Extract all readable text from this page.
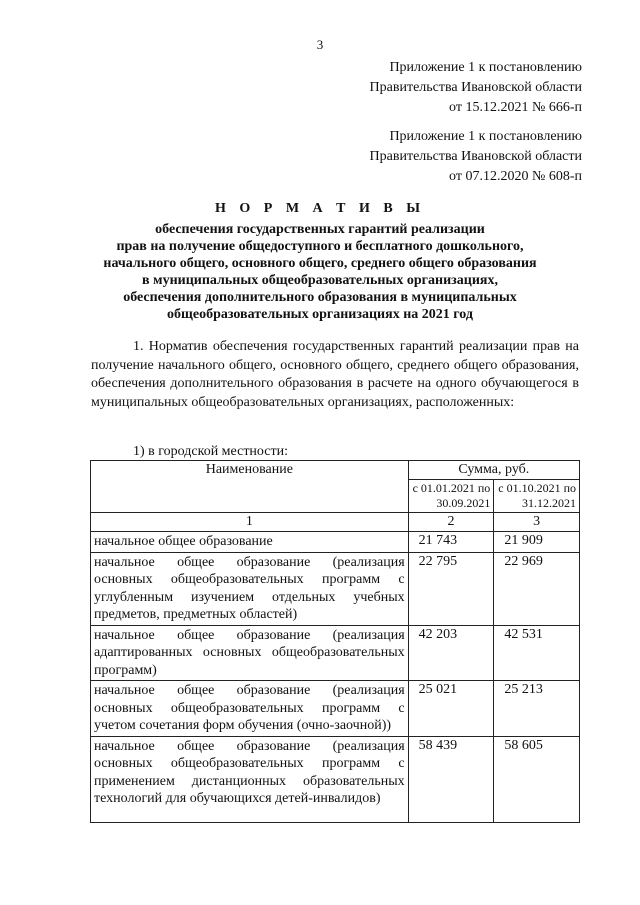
3
Приложение 1 к постановлению
Правительства Ивановской области
от 15.12.2021 № 666-п
Приложение 1 к постановлению
Правительства Ивановской области
от 07.12.2020 № 608-п
Н О Р М А Т И В Ы
обеспечения государственных гарантий реализации
прав на получение общедоступного и бесплатного дошкольного,
начального общего, основного общего, среднего общего образования
в муниципальных общеобразовательных организациях,
обеспечения дополнительного образования в муниципальных
общеобразовательных организациях на 2021 год
1. Норматив обеспечения государственных гарантий реализации прав на получение начального общего, основного общего, среднего общего образования, обеспечения дополнительного образования в расчете на одного обучающегося в муниципальных общеобразовательных организациях, расположенных:
1) в городской местности:
Наименование	Сумма, руб.	
	с 01.01.2021 по 30.09.2021	с 01.10.2021 по 31.12.2021
1	2	3
начальное общее образование	21 743	21 909
начальное общее образование (реализация основных общеобразовательных программ с углубленным изучением отдельных учебных предметов, предметных областей)	22 795	22 969
начальное общее образование (реализация адаптированных основных общеобразовательных программ)	42 203	42 531
начальное общее образование (реализация основных общеобразовательных программ с учетом сочетания форм обучения (очно-заочной))	25 021	25 213
начальное общее образование (реализация основных общеобразовательных программ с применением дистанционных образовательных технологий для обучающихся детей-инвалидов)	58 439	58 605
